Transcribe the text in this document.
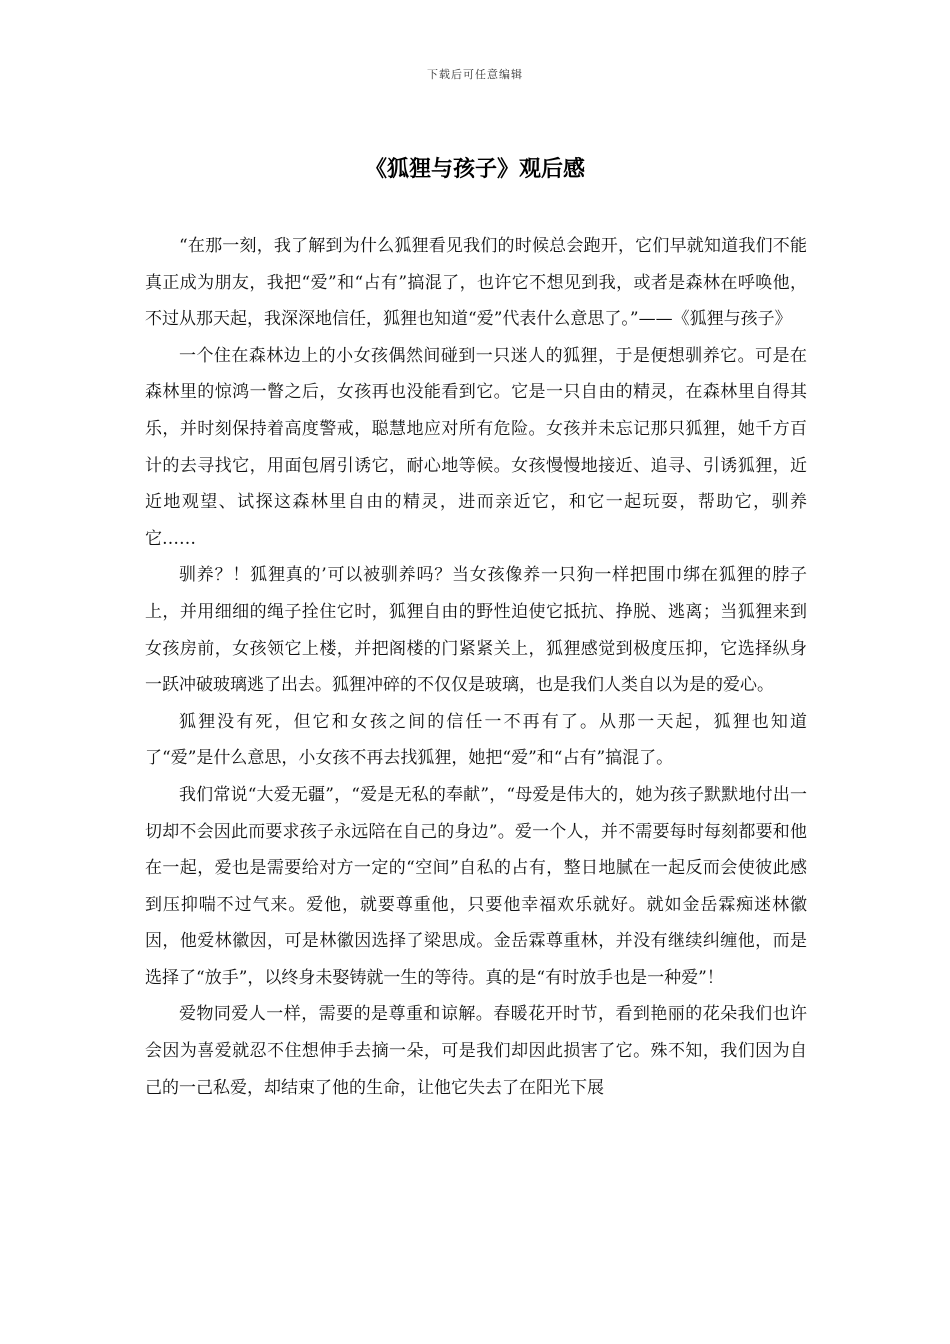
下载后可任意编辑
《狐狸与孩子》观后感

“在那一刻，我了解到为什么狐狸看见我们的时候总会跑开，它们早就知道我们不能真正成为朋友，我把“爱”和“占有”搞混了，也许它不想见到我，或者是森林在呼唤他，不过从那天起，我深深地信任，狐狸也知道“爱”代表什么意思了。”——《狐狸与孩子》

一个住在森林边上的小女孩偶然间碰到一只迷人的狐狸，于是便想驯养它。可是在森林里的惊鸿一瞥之后，女孩再也没能看到它。它是一只自由的精灵，在森林里自得其乐，并时刻保持着高度警戒，聪慧地应对所有危险。女孩并未忘记那只狐狸，她千方百计的去寻找它，用面包屑引诱它，耐心地等候。女孩慢慢地接近、追寻、引诱狐狸，近近地观望、试探这森林里自由的精灵，进而亲近它，和它一起玩耍，帮助它，驯养它……

驯养？！狐狸真的’可以被驯养吗？当女孩像养一只狗一样把围巾绑在狐狸的脖子上，并用细细的绳子拴住它时，狐狸自由的野性迫使它抵抗、挣脱、逃离；当狐狸来到女孩房前，女孩领它上楼，并把阁楼的门紧紧关上，狐狸感觉到极度压抑，它选择纵身一跃冲破玻璃逃了出去。狐狸冲碎的不仅仅是玻璃，也是我们人类自以为是的爱心。

狐狸没有死，但它和女孩之间的信任一不再有了。从那一天起，狐狸也知道了“爱”是什么意思，小女孩不再去找狐狸，她把“爱”和“占有”搞混了。

我们常说“大爱无疆”，“爱是无私的奉献”，“母爱是伟大的，她为孩子默默地付出一切却不会因此而要求孩子永远陪在自己的身边”。爱一个人，并不需要每时每刻都要和他在一起，爱也是需要给对方一定的“空间”自私的占有，整日地腻在一起反而会使彼此感到压抑喘不过气来。爱他，就要尊重他，只要他幸福欢乐就好。就如金岳霖痴迷林徽因，他爱林徽因，可是林徽因选择了梁思成。金岳霖尊重林，并没有继续纠缠他，而是选择了“放手”，以终身未娶铸就一生的等待。真的是“有时放手也是一种爱”！

爱物同爱人一样，需要的是尊重和谅解。春暖花开时节，看到艳丽的花朵我们也许会因为喜爱就忍不住想伸手去摘一朵，可是我们却因此损害了它。殊不知，我们因为自己的一己私爱，却结束了他的生命，让他它失去了在阳光下展
